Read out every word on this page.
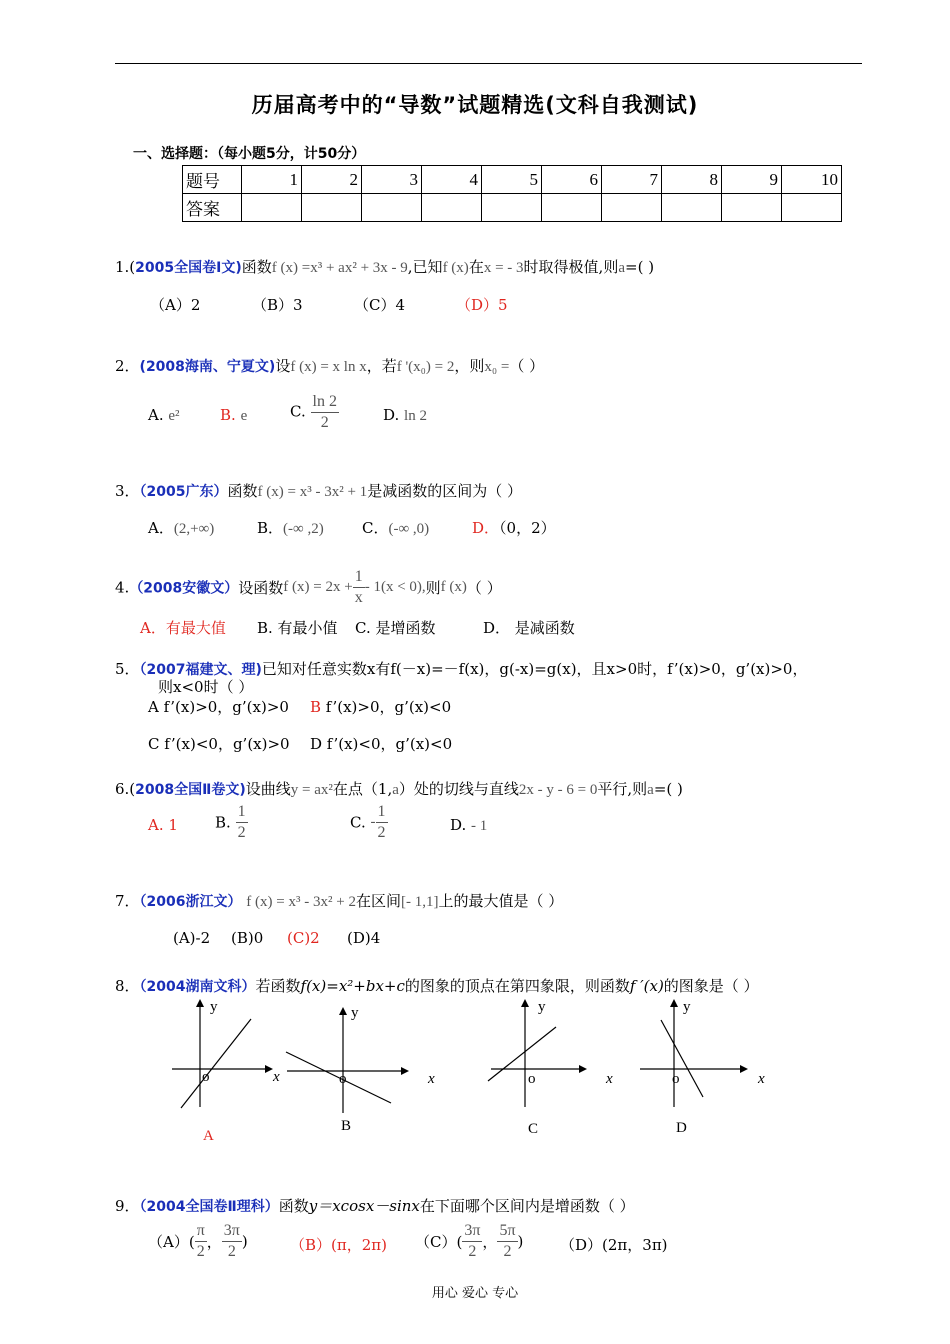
历届高考中的“导数”试题精选(文科自我测试)
一、选择题：（每小题5分，计50分）
题号	1	2	3	4	5	6	7	8	9	10
答案										
1.(2005全国卷Ⅰ文)函数f (x) =x³ + ax² + 3x - 9,已知f (x)在x = - 3时取得极值,则a=( )
（A）2	（B）3	（C）4	（D）5
2．(2008海南、宁夏文)设f (x) = x ln x，若f '(x₀) = 2，则x₀ =（ ）
A. e²	B. e	C. $\frac{\ln 2}{2}$	D. ln 2
3．（2005广东）函数f (x) = x³ - 3x² + 1是减函数的区间为（ ）
A．(2,+∞)	B．(-∞ ,2)	C．(-∞ ,0)	D．（0，2）
4.（2008安徽文）设函数f $(x) = 2x + \frac{1}{x} - 1(x < 0)$,则f (x)（ ）
A．有最大值 B. 有最小值 C. 是增函数	D． 是减函数
5．（2007福建文、理)已知对任意实数x有f(－x)=－f(x)，g(-x)=g(x)，且x>0时，f’(x)>0，g’(x)>0，
则x<0时（ ）
A f’(x)>0，g’(x)>0 B f’(x)>0，g’(x)<0
C f’(x)<0，g’(x)>0 D f’(x)<0，g’(x)<0
6.(2008全国Ⅱ卷文)设曲线y = ax²在点（1,a）处的切线与直线2x - y - 6 = 0平行,则a=( )
A. 1 B. $\frac{1}{2}$	C. - $\frac{1}{2}$	D. - 1
7．（2006浙江文） f (x) = x³ - 3x² + 2在区间[- 1,1]上的最大值是（ ）
(A)-2 (B)0 (C)2 (D)4
8．（2004湖南文科）若函数f(x)=x²+bx+c的图象的顶点在第四象限，则函数f ′(x)的图象是（ ）
o
y
x
A
o
y
x
B
o
y
x
C
o
y
x
D
9．（2004全国卷Ⅱ理科）函数y＝xcosx－sinx在下面哪个区间内是增函数（ ）
$(A)( \frac{\pi}{2}$ ， $\frac{3\pi}{2}$ )	（B）(π，2π) $(C)( \frac{3\pi}{2}$ ， $\frac{5\pi}{2}$ ) （D）(2π，3π)
用心 爱心 专心
